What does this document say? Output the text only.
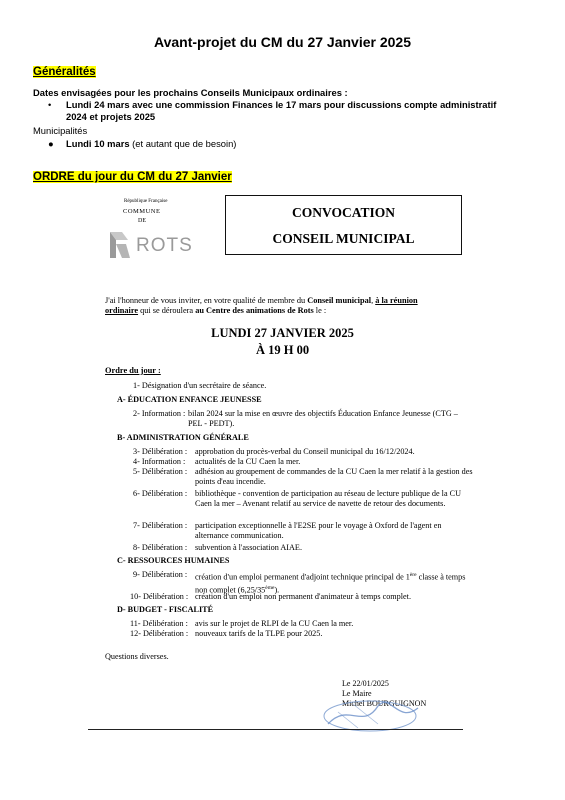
Avant-projet du CM du 27 Janvier 2025
Généralités
Dates envisagées pour les prochains Conseils Municipaux ordinaires :
• Lundi 24 mars avec une commission Finances le 17 mars pour discussions compte administratif
2024 et projets 2025
Municipalités
● Lundi 10 mars (et autant que de besoin)
ORDRE du jour du CM du 27 Janvier
République Française
COMMUNE
DE
ROTS
CONVOCATION
CONSEIL MUNICIPAL
J'ai l'honneur de vous inviter, en votre qualité de membre du Conseil municipal, à la réunion
ordinaire qui se déroulera au Centre des animations de Rots le :
LUNDI 27 JANVIER 2025
À 19 H 00
Ordre du jour :
1- Désignation d'un secrétaire de séance.
A- ÉDUCATION ENFANCE JEUNESSE
2- Information : bilan 2024 sur la mise en œuvre des objectifs Éducation Enfance Jeunesse (CTG – PEL - PEDT).
B- ADMINISTRATION GÉNÉRALE
3- Délibération : approbation du procès-verbal du Conseil municipal du 16/12/2024.
4- Information : actualités de la CU Caen la mer.
5- Délibération : adhésion au groupement de commandes de la CU Caen la mer relatif à la gestion des points d'eau incendie.
6- Délibération : bibliothèque - convention de participation au réseau de lecture publique de la CU Caen la mer – Avenant relatif au service de navette de retour des documents.
7- Délibération : participation exceptionnelle à l'E2SE pour le voyage à Oxford de l'agent en alternance communication.
8- Délibération : subvention à l'association AIAE.
C- RESSOURCES HUMAINES
9- Délibération : création d'un emploi permanent d'adjoint technique principal de 1ère classe à temps non complet (6,25/35ème).
10- Délibération : création d'un emploi non permanent d'animateur à temps complet.
D- BUDGET - FISCALITÉ
11- Délibération : avis sur le projet de RLPI de la CU Caen la mer.
12- Délibération : nouveaux tarifs de la TLPE pour 2025.
Questions diverses.
Le 22/01/2025
Le Maire
Michel BOURGUIGNON
